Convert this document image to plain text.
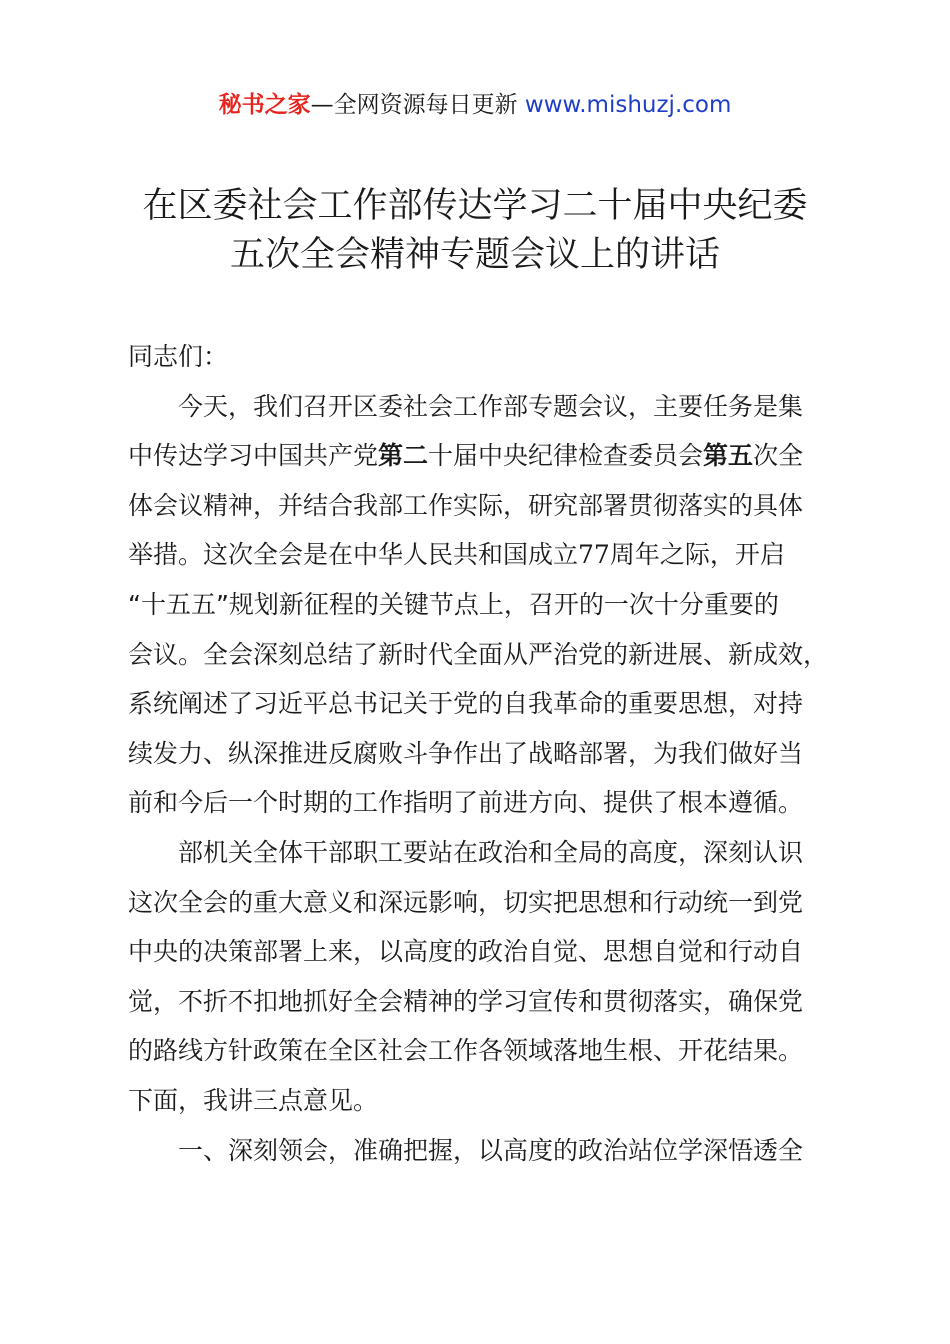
秘书之家—全网资源每日更新 www.mishuzj.com
在区委社会工作部传达学习二十届中央纪委
五次全会精神专题会议上的讲话
同志们：
今天，我们召开区委社会工作部专题会议，主要任务是集
中传达学习中国共产党第二十届中央纪律检查委员会第五次全
体会议精神，并结合我部工作实际，研究部署贯彻落实的具体
举措。这次全会是在中华人民共和国成立77周年之际，开启
“十五五”规划新征程的关键节点上，召开的一次十分重要的
会议。全会深刻总结了新时代全面从严治党的新进展、新成效，
系统阐述了习近平总书记关于党的自我革命的重要思想，对持
续发力、纵深推进反腐败斗争作出了战略部署，为我们做好当
前和今后一个时期的工作指明了前进方向、提供了根本遵循。
部机关全体干部职工要站在政治和全局的高度，深刻认识
这次全会的重大意义和深远影响，切实把思想和行动统一到党
中央的决策部署上来，以高度的政治自觉、思想自觉和行动自
觉，不折不扣地抓好全会精神的学习宣传和贯彻落实，确保党
的路线方针政策在全区社会工作各领域落地生根、开花结果。
下面，我讲三点意见。
一、深刻领会，准确把握，以高度的政治站位学深悟透全
